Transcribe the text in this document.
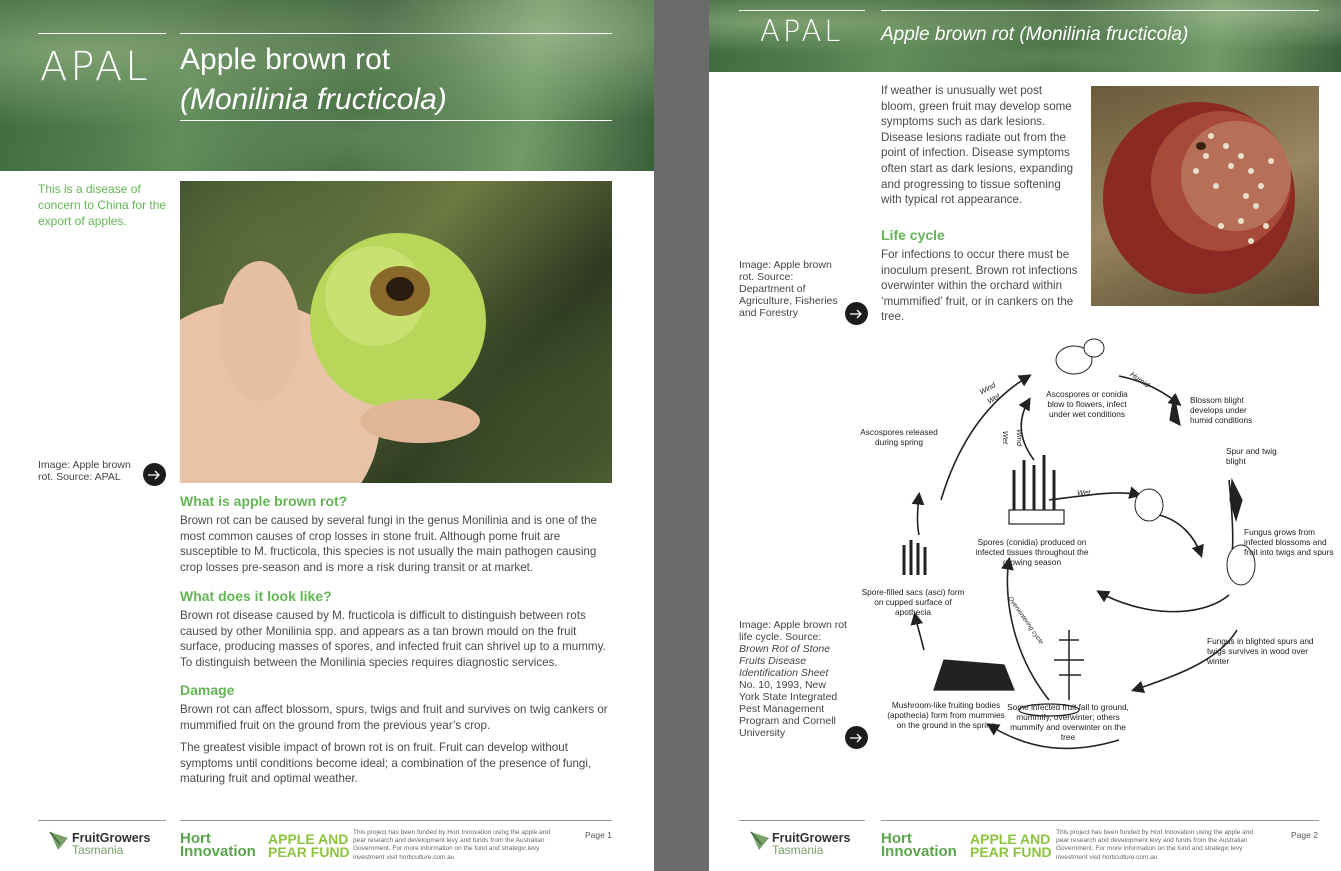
APAL Apple brown rot
(Monilinia fructicola)
This is a disease of concern to China for the export of apples.
Image: Apple brown rot. Source: APAL
What is apple brown rot?
Brown rot can be caused by several fungi in the genus Monilinia and is one of the most common causes of crop losses in stone fruit. Although pome fruit are susceptible to M. fructicola, this species is not usually the main pathogen causing crop losses pre-season and is more a risk during transit or at market.
What does it look like?
Brown rot disease caused by M. fructicola is difficult to distinguish between rots caused by other Monilinia spp. and appears as a tan brown mould on the fruit surface, producing masses of spores, and infected fruit can shrivel up to a mummy. To distinguish between the Monilinia species requires diagnostic services.
Damage
Brown rot can affect blossom, spurs, twigs and fruit and survives on twig cankers or mummified fruit on the ground from the previous year’s crop.
The greatest visible impact of brown rot is on fruit. Fruit can develop without symptoms until conditions become ideal; a combination of the presence of fungi, maturing fruit and optimal weather.
FruitGrowers
Tasmania
Hort
Innovation
APPLE AND
PEAR FUND
This project has been funded by Hort Innovation using the apple and pear research and development levy and funds from the Australian Government. For more information on the fund and strategic levy investment visit horticulture.com.au
Page 1
APAL Apple brown rot (Monilinia fructicola)
If weather is unusually wet post bloom, green fruit may develop some symptoms such as dark lesions. Disease lesions radiate out from the point of infection. Disease symptoms often start as dark lesions, expanding and progressing to tissue softening with typical rot appearance.
Life cycle
For infections to occur there must be inoculum present. Brown rot infections overwinter within the orchard within ‘mummified’ fruit, or in cankers on the tree.
Image: Apple brown rot. Source: Department of Agriculture, Fisheries and Forestry
Ascospores released during spring
Ascospores or conidia blow to flowers, infect under wet conditions
Blossom blight develops under humid conditions
Spur and twig blight
Fungus grows from infected blossoms and fruit into twigs and spurs
Spores (conidia) produced on infected tissues throughout the growing season
Spore-filled sacs (asci) form on cupped surface of apothecia
Fungus in blighted spurs and twigs survives in wood over winter
Mushroom-like fruiting bodies (apothecia) form from mummies on the ground in the spring
Some infected fruit fall to ground, mummify, overwinter; others mummify and overwinter on the tree
Wind
Wet
Humid
Wet Wind
Wet
Overwintering cycle
Image: Apple brown rot life cycle. Source: Brown Rot of Stone Fruits Disease Identification Sheet No. 10, 1993, New York State Integrated Pest Management Program and Cornell University
FruitGrowers
Tasmania
Hort
Innovation
APPLE AND
PEAR FUND
This project has been funded by Hort Innovation using the apple and pear research and development levy and funds from the Australian Government. For more information on the fund and strategic levy investment visit horticulture.com.au
Page 2
